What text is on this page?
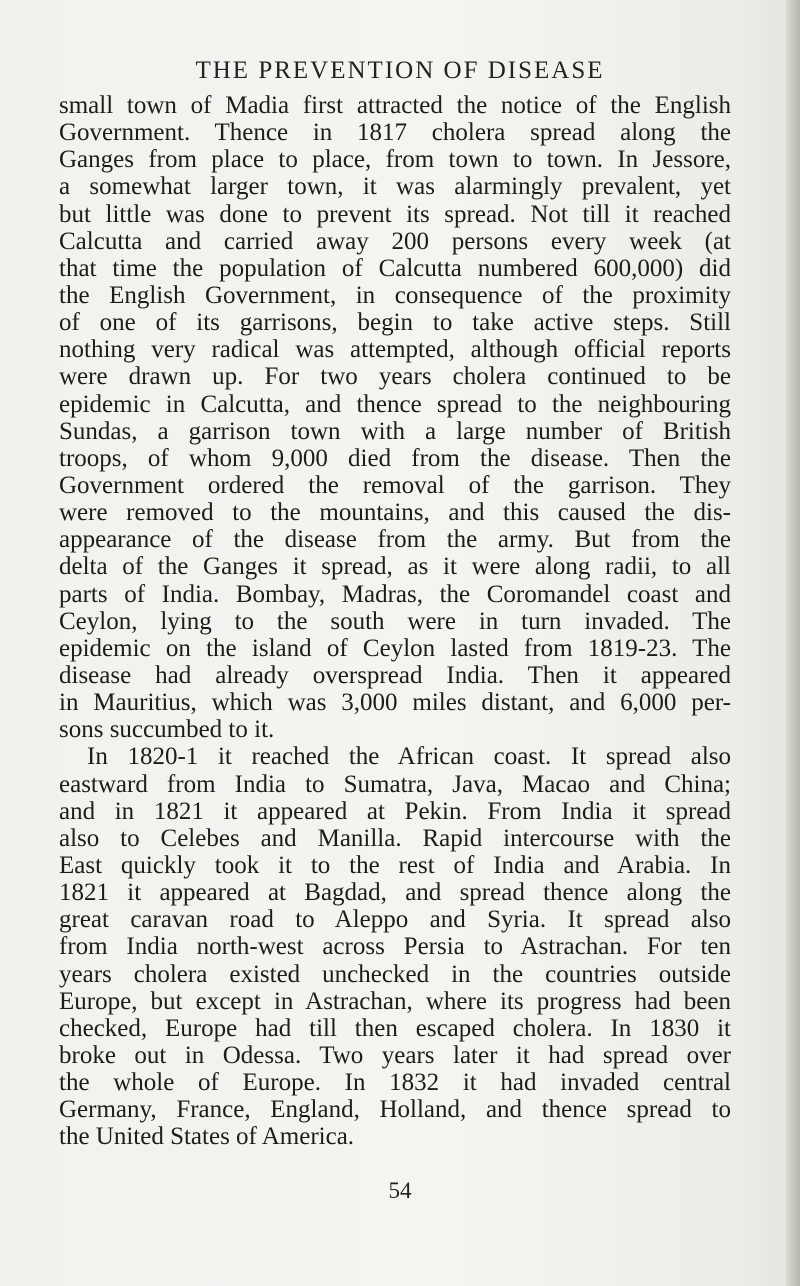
THE PREVENTION OF DISEASE
small town of Madia first attracted the notice of the English
Government. Thence in 1817 cholera spread along the
Ganges from place to place, from town to town. In Jessore,
a somewhat larger town, it was alarmingly prevalent, yet
but little was done to prevent its spread. Not till it reached
Calcutta and carried away 200 persons every week (at
that time the population of Calcutta numbered 600,000) did
the English Government, in consequence of the proximity
of one of its garrisons, begin to take active steps. Still
nothing very radical was attempted, although official reports
were drawn up. For two years cholera continued to be
epidemic in Calcutta, and thence spread to the neighbouring
Sundas, a garrison town with a large number of British
troops, of whom 9,000 died from the disease. Then the
Government ordered the removal of the garrison. They
were removed to the mountains, and this caused the dis-
appearance of the disease from the army. But from the
delta of the Ganges it spread, as it were along radii, to all
parts of India. Bombay, Madras, the Coromandel coast and
Ceylon, lying to the south were in turn invaded. The
epidemic on the island of Ceylon lasted from 1819-23. The
disease had already overspread India. Then it appeared
in Mauritius, which was 3,000 miles distant, and 6,000 per-
sons succumbed to it.
In 1820-1 it reached the African coast. It spread also
eastward from India to Sumatra, Java, Macao and China;
and in 1821 it appeared at Pekin. From India it spread
also to Celebes and Manilla. Rapid intercourse with the
East quickly took it to the rest of India and Arabia. In
1821 it appeared at Bagdad, and spread thence along the
great caravan road to Aleppo and Syria. It spread also
from India north-west across Persia to Astrachan. For ten
years cholera existed unchecked in the countries outside
Europe, but except in Astrachan, where its progress had been
checked, Europe had till then escaped cholera. In 1830 it
broke out in Odessa. Two years later it had spread over
the whole of Europe. In 1832 it had invaded central
Germany, France, England, Holland, and thence spread to
the United States of America.
54
